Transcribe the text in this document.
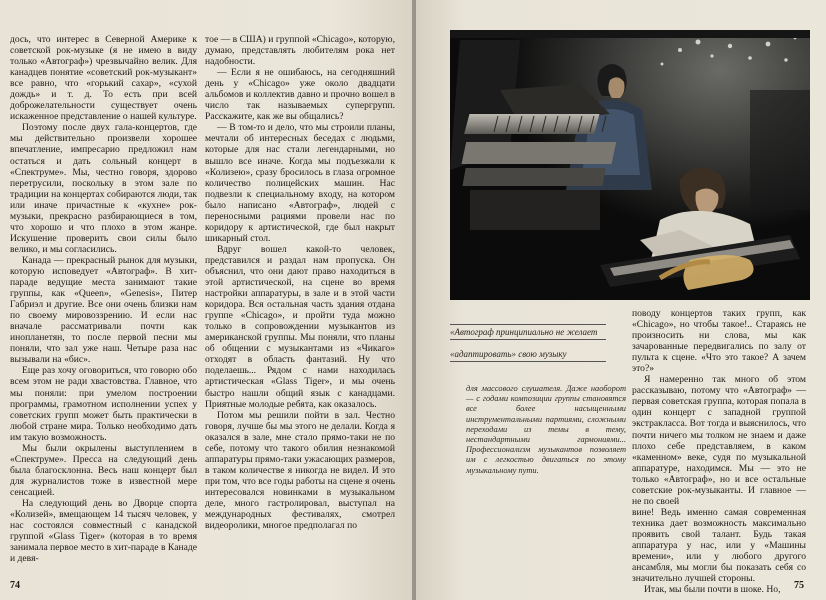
дось, что интерес в Северной Америке к советской рок-музыке (я не имею в виду только «Автограф») чрезвычайно велик. Для канадцев понятие «советский рок-музыкант» все равно, что «горький сахар», «сухой дождь» и т. д. То есть при всей доброжелательности существует очень искаженное представление о нашей культуре.

Поэтому после двух гала-концертов, где мы действительно произвели хорошее впечатление, импресарио предложил нам остаться и дать сольный концерт в «Спектруме». Мы, честно говоря, здорово перетрусили, поскольку в этом зале по традиции на концертах собираются люди, так или иначе причастные к «кухне» рок-музыки, прекрасно разбирающиеся в том, что хорошо и что плохо в этом жанре. Искушение проверить свои силы было велико, и мы согласились.

Канада — прекрасный рынок для музыки, которую исповедует «Автограф». В хит-параде ведущие места занимают такие группы, как «Queen», «Genesis», Питер Габриэл и другие. Все они очень близки нам по своему мировоззрению. И если нас вначале рассматривали почти как инопланетян, то после первой песни мы поняли, что зал уже наш. Четыре раза нас вызывали на «бис».

Еще раз хочу оговориться, что говорю обо всем этом не ради хвастовства. Главное, что мы поняли: при умелом построении программы, грамотном исполнении успех у советских групп может быть практически в любой стране мира. Только необходимо дать им такую возможность.

Мы были окрылены выступлением в «Спектруме». Пресса на следующий день была благосклонна. Весь наш концерт был для журналистов тоже в известной мере сенсацией.

На следующий день во Дворце спорта «Колизей», вмещающем 14 тысяч человек, у нас состоялся совместный с канадской группой «Glass Tiger» (которая в то время занимала первое место в хит-параде в Канаде и девя-

тое — в США) и группой «Chicago», которую, думаю, представлять любителям рока нет надобности.

— Если я не ошибаюсь, на сегодняшний день у «Chicago» уже около двадцати альбомов и коллектив давно и прочно вошел в число так называемых супергрупп. Расскажите, как же вы общались?

— В том-то и дело, что мы строили планы, мечтали об интересных беседах с людьми, которые для нас стали легендарными, но вышло все иначе. Когда мы подъезжали к «Колизею», сразу бросилось в глаза огромное количество полицейских машин. Нас подвезли к специальному входу, на котором было написано «Автограф», людей с переносными рациями провели нас по коридору к артистической, где был накрыт шикарный стол.

Вдруг вошел какой-то человек, представился и раздал нам пропуска. Он объяснил, что они дают право находиться в этой артистической, на сцене во время настройки аппаратуры, в зале и в этой части коридора. Вся остальная часть здания отдана группе «Chicago», и пройти туда можно только в сопровождении музыкантов из американской группы. Мы поняли, что планы об общении с музыкантами из «Чикаго» отходят в область фантазий. Ну что поделаешь... Рядом с нами находилась артистическая «Glass Tiger», и мы очень быстро нашли общий язык с канадцами. Приятные молодые ребята, как оказалось.

Потом мы решили пойти в зал. Честно говоря, лучше бы мы этого не делали. Когда я оказался в зале, мне стало прямо-таки не по себе, потому что такого обилия незнакомой аппаратуры прямо-таки ужасающих размеров, в таком количестве я никогда не видел. И это при том, что все годы работы на сцене я очень интересовался новинками в музыкальном деле, много гастролировал, выступал на международных фестивалях, смотрел видеоролики, многое предполагал по

74
«Автограф принципиально не желает
«адаптировать» свою музыку

для массового слушателя. Даже наоборот — с годами композиции группы становятся все более насыщенными инструментальными партиями, сложными переходами из темы в тему, нестандартными гармониями... Профессионализм музыкантов позволяет им с легкостью двигаться по этому музыкальному пути.

поводу концертов таких групп, как «Chicago», но чтобы такое!.. Стараясь не произносить ни слова, мы как зачарованные передвигались по залу от пульта к сцене. «Что это такое? А зачем это?»

Я намеренно так много об этом рассказываю, потому что «Автограф» — первая советская группа, которая попала в один концерт с западной группой экстракласса. Вот тогда и выяснилось, что почти ничего мы толком не знаем и даже плохо себе представляем, в каком «каменном» веке, судя по музыкальной аппаратуре, находимся. Мы — это не только «Автограф», но и все остальные советские рок-музыканты. И главное — не по своей

вине! Ведь именно самая современная техника дает возможность максимально проявить свой талант. Будь такая аппаратура у нас, или у «Машины времени», или у любого другого ансамбля, мы могли бы показать себя со значительно лучшей стороны.

Итак, мы были почти в шоке. Но,	75
